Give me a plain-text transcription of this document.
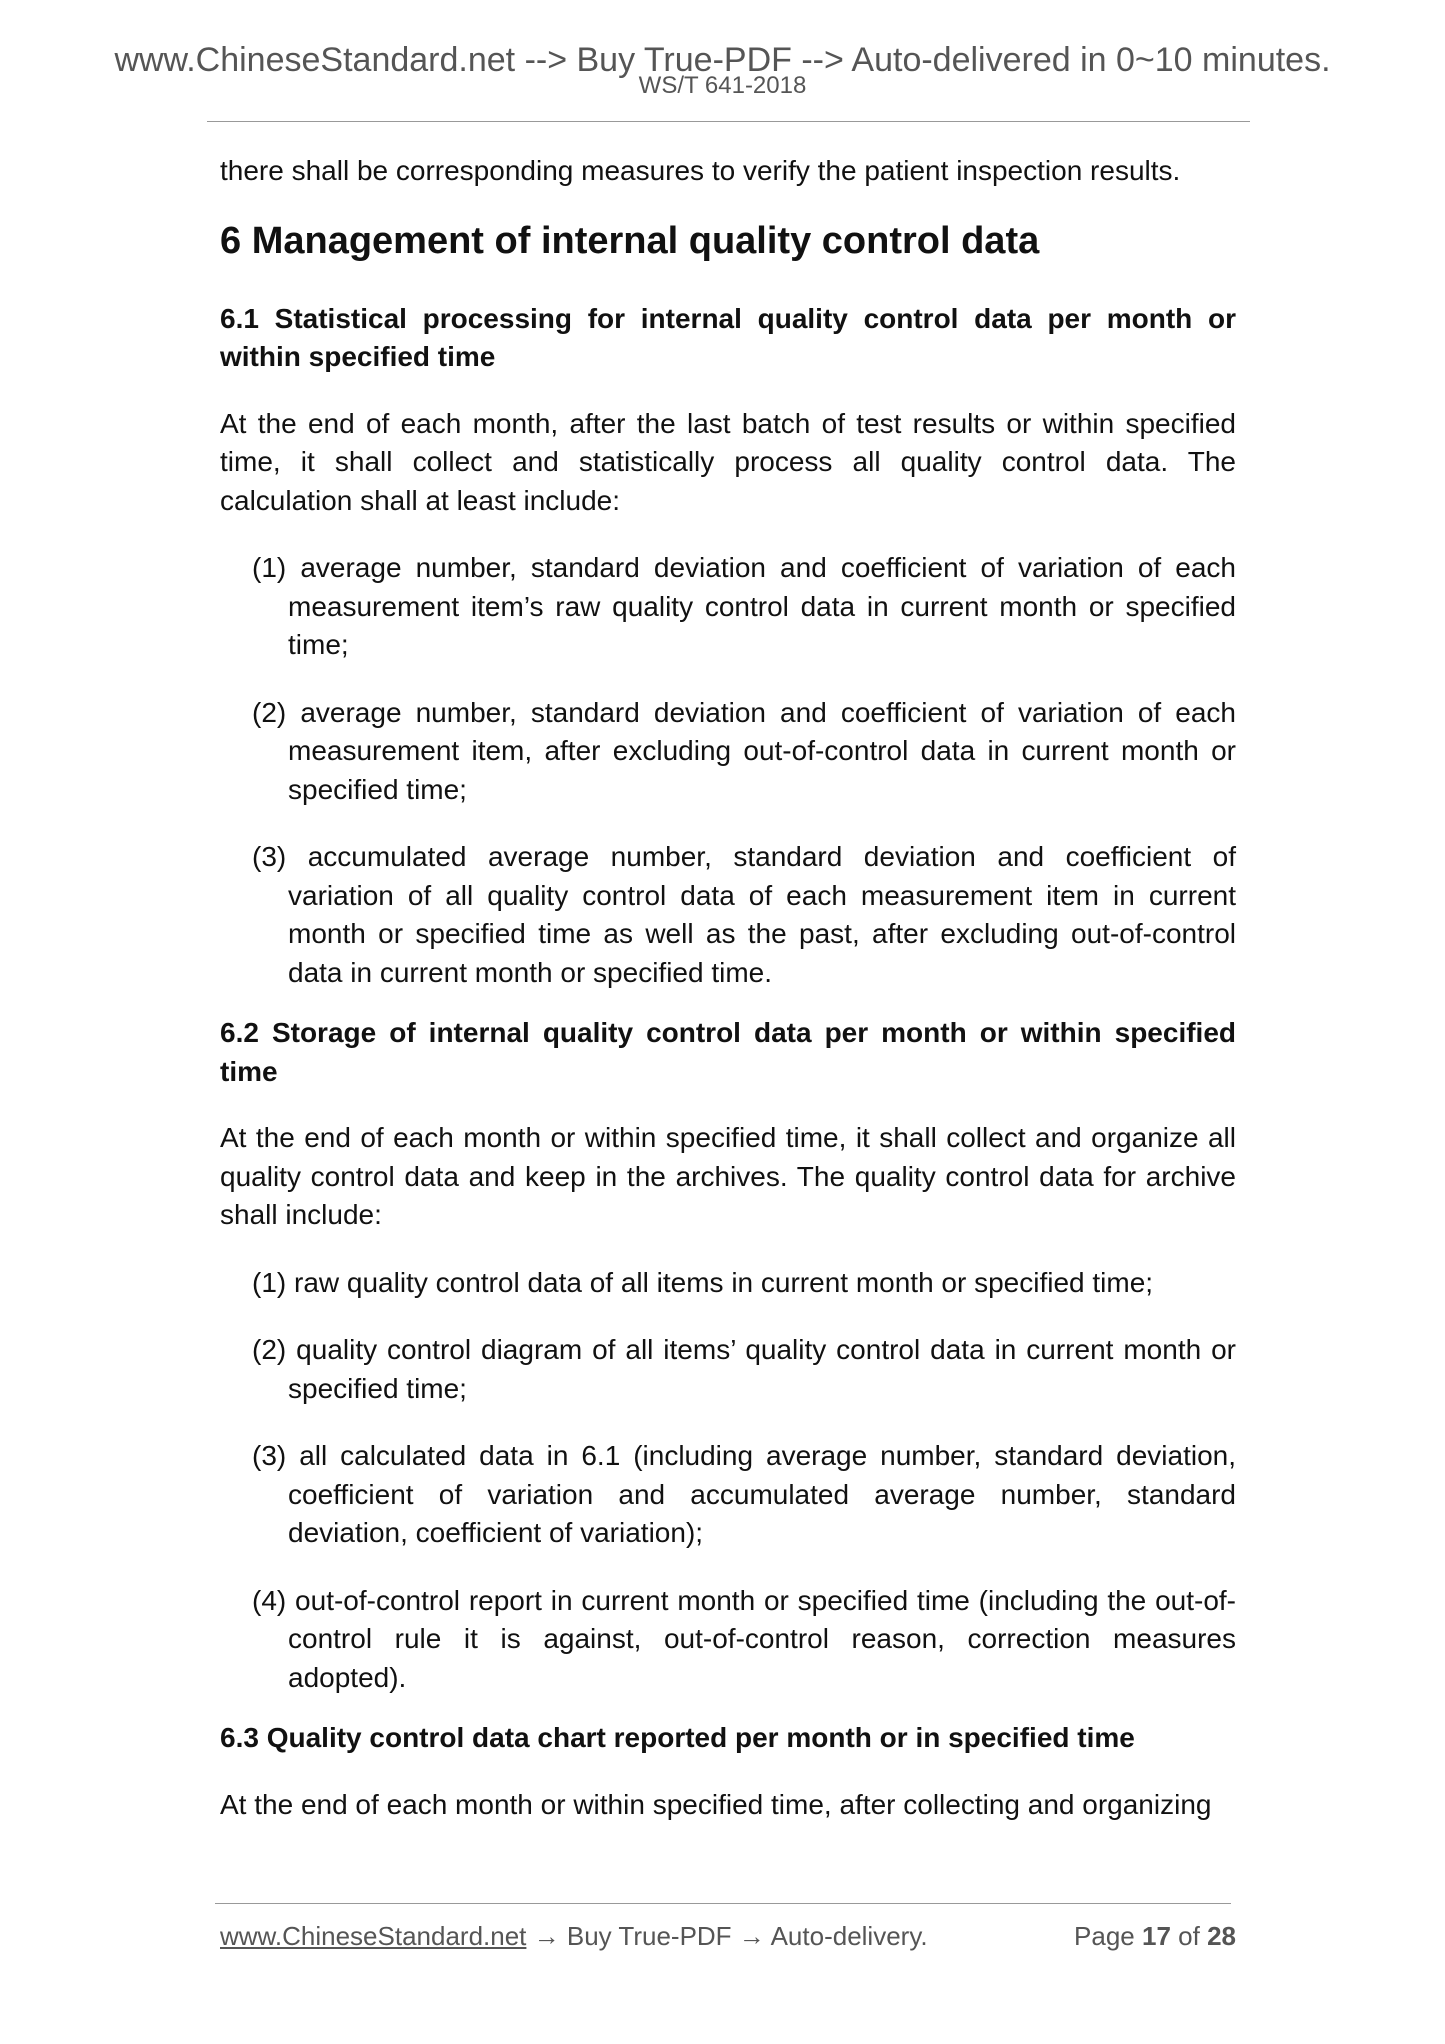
www.ChineseStandard.net --> Buy True-PDF --> Auto-delivered in 0~10 minutes.
WS/T 641-2018

there shall be corresponding measures to verify the patient inspection results.

6 Management of internal quality control data
6.1 Statistical processing for internal quality control data per month or within specified time

At the end of each month, after the last batch of test results or within specified time, it shall collect and statistically process all quality control data. The calculation shall at least include:

(1) average number, standard deviation and coefficient of variation of each measurement item’s raw quality control data in current month or specified time;
(2) average number, standard deviation and coefficient of variation of each measurement item, after excluding out-of-control data in current month or specified time;
(3) accumulated average number, standard deviation and coefficient of variation of all quality control data of each measurement item in current month or specified time as well as the past, after excluding out-of-control data in current month or specified time.
6.2 Storage of internal quality control data per month or within specified time

At the end of each month or within specified time, it shall collect and organize all quality control data and keep in the archives. The quality control data for archive shall include:

(1) raw quality control data of all items in current month or specified time;
(2) quality control diagram of all items’ quality control data in current month or specified time;
(3) all calculated data in 6.1 (including average number, standard deviation, coefficient of variation and accumulated average number, standard deviation, coefficient of variation);
(4) out-of-control report in current month or specified time (including the out-of-control rule it is against, out-of-control reason, correction measures adopted).
6.3 Quality control data chart reported per month or in specified time

At the end of each month or within specified time, after collecting and organizing

www.ChineseStandard.net → Buy True-PDF → Auto-delivery.	Page 17 of 28
